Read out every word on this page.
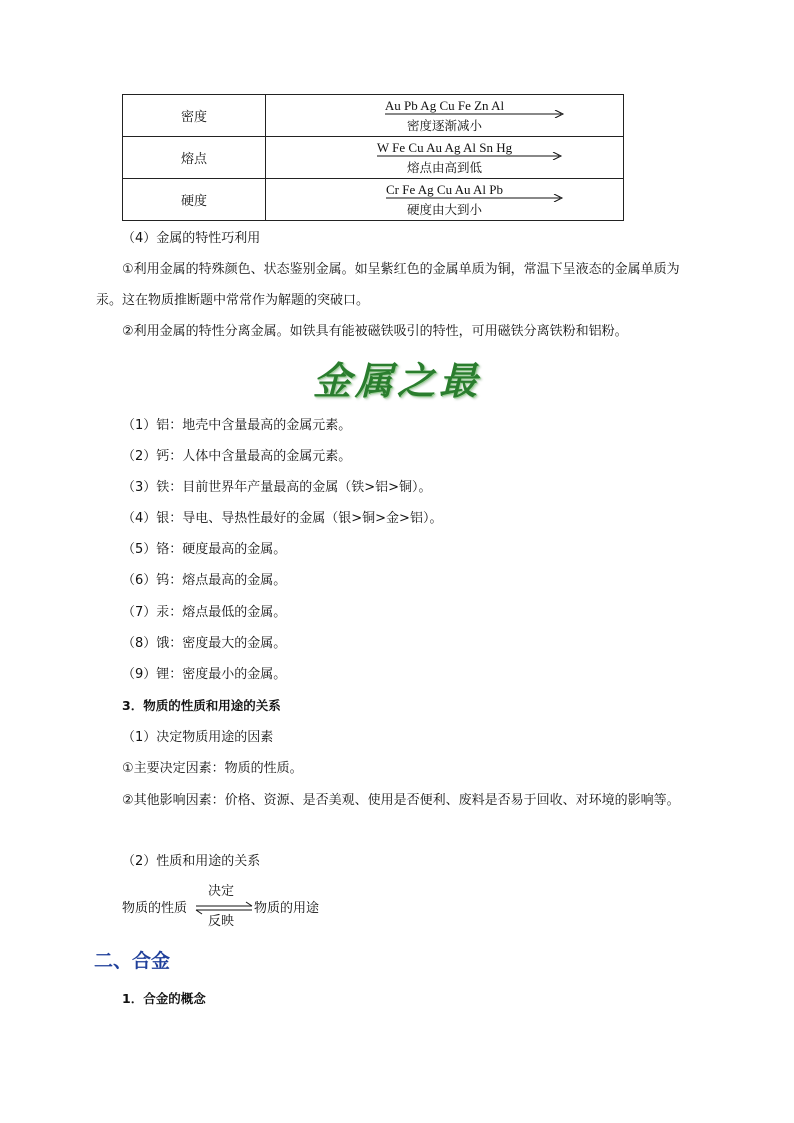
密度	Au Pb Ag Cu Fe Zn Al
密度逐渐减小

熔点	W Fe Cu Au Ag Al Sn Hg
熔点由高到低

硬度	Cr Fe Ag Cu Au Al Pb
硬度由大到小
（4）金属的特性巧利用
①利用金属的特殊颜色、状态鉴别金属。如呈紫红色的金属单质为铜，常温下呈液态的金属单质为汞。这在物质推断题中常常作为解题的突破口。
②利用金属的特性分离金属。如铁具有能被磁铁吸引的特性，可用磁铁分离铁粉和铝粉。
金属之最
（1）铝：地壳中含量最高的金属元素。
（2）钙：人体中含量最高的金属元素。
（3）铁：目前世界年产量最高的金属（铁>铝>铜）。
（4）银：导电、导热性最好的金属（银>铜>金>铝）。
（5）铬：硬度最高的金属。
（6）钨：熔点最高的金属。
（7）汞：熔点最低的金属。
（8）饿：密度最大的金属。
（9）锂：密度最小的金属。
3．物质的性质和用途的关系
（1）决定物质用途的因素
①主要决定因素：物质的性质。
②其他影响因素：价格、资源、是否美观、使用是否便利、废料是否易于回收、对环境的影响等。
（2）性质和用途的关系
物质的性质
决定
反映
物质的用途
二、合金
1．合金的概念
